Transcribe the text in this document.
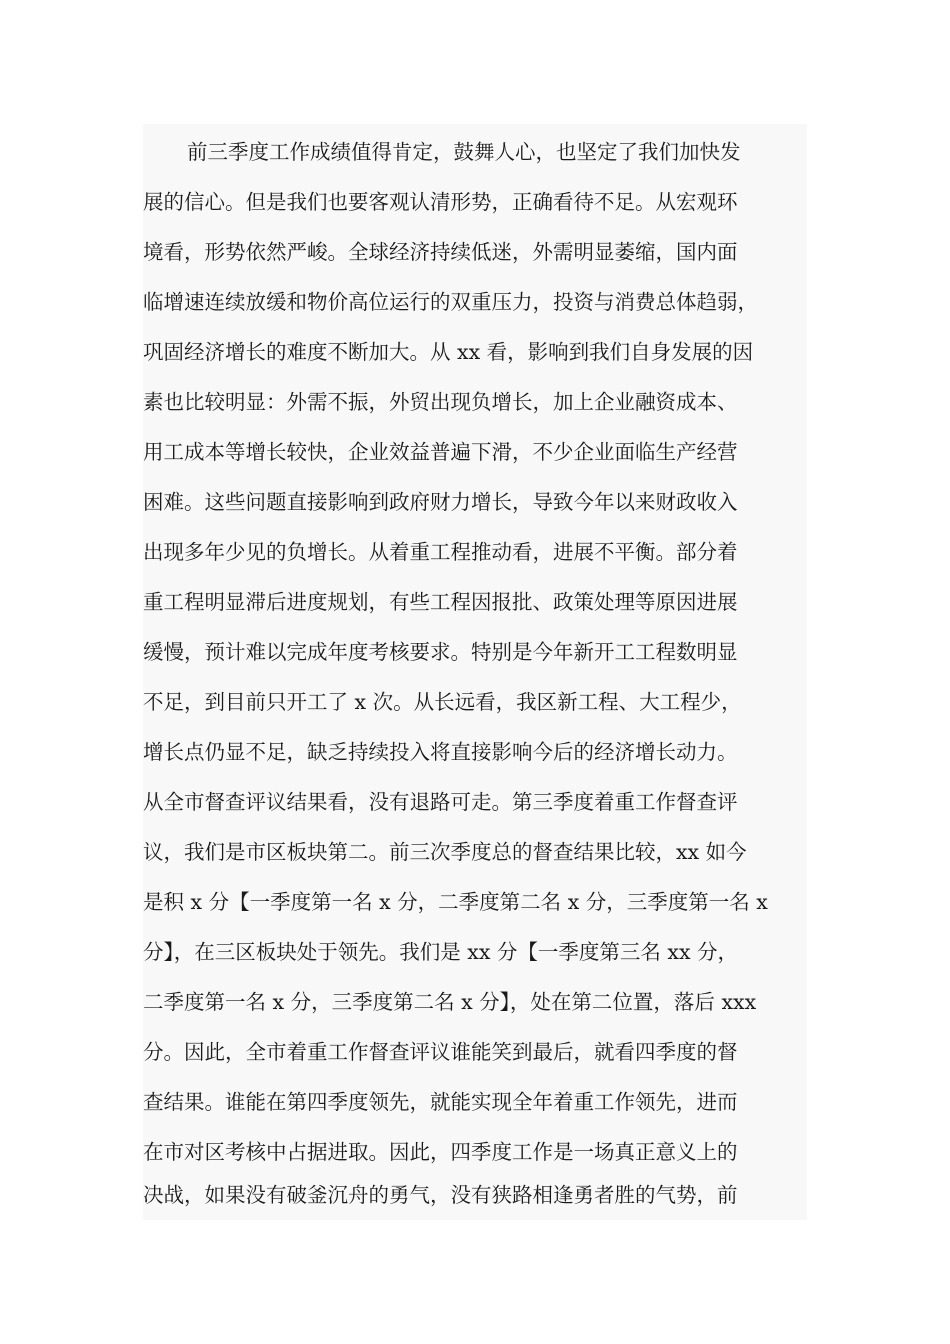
前三季度工作成绩值得肯定，鼓舞人心，也坚定了我们加快发
展的信心。但是我们也要客观认清形势，正确看待不足。从宏观环
境看，形势依然严峻。全球经济持续低迷，外需明显萎缩，国内面
临增速连续放缓和物价高位运行的双重压力，投资与消费总体趋弱，
巩固经济增长的难度不断加大。从 xx 看，影响到我们自身发展的因
素也比较明显：外需不振，外贸出现负增长，加上企业融资成本、
用工成本等增长较快，企业效益普遍下滑，不少企业面临生产经营
困难。这些问题直接影响到政府财力增长，导致今年以来财政收入
出现多年少见的负增长。从着重工程推动看，进展不平衡。部分着
重工程明显滞后进度规划，有些工程因报批、政策处理等原因进展
缓慢，预计难以完成年度考核要求。特别是今年新开工工程数明显
不足，到目前只开工了 x 次。从长远看，我区新工程、大工程少，
增长点仍显不足，缺乏持续投入将直接影响今后的经济增长动力。
从全市督查评议结果看，没有退路可走。第三季度着重工作督查评
议，我们是市区板块第二。前三次季度总的督查结果比较，xx 如今
是积 x 分【一季度第一名 x 分，二季度第二名 x 分，三季度第一名 x
分】，在三区板块处于领先。我们是 xx 分【一季度第三名 xx 分，
二季度第一名 x 分，三季度第二名 x 分】，处在第二位置，落后 xxx
分。因此，全市着重工作督查评议谁能笑到最后，就看四季度的督
查结果。谁能在第四季度领先，就能实现全年着重工作领先，进而
在市对区考核中占据进取。因此，四季度工作是一场真正意义上的
决战，如果没有破釜沉舟的勇气，没有狭路相逢勇者胜的气势，前
